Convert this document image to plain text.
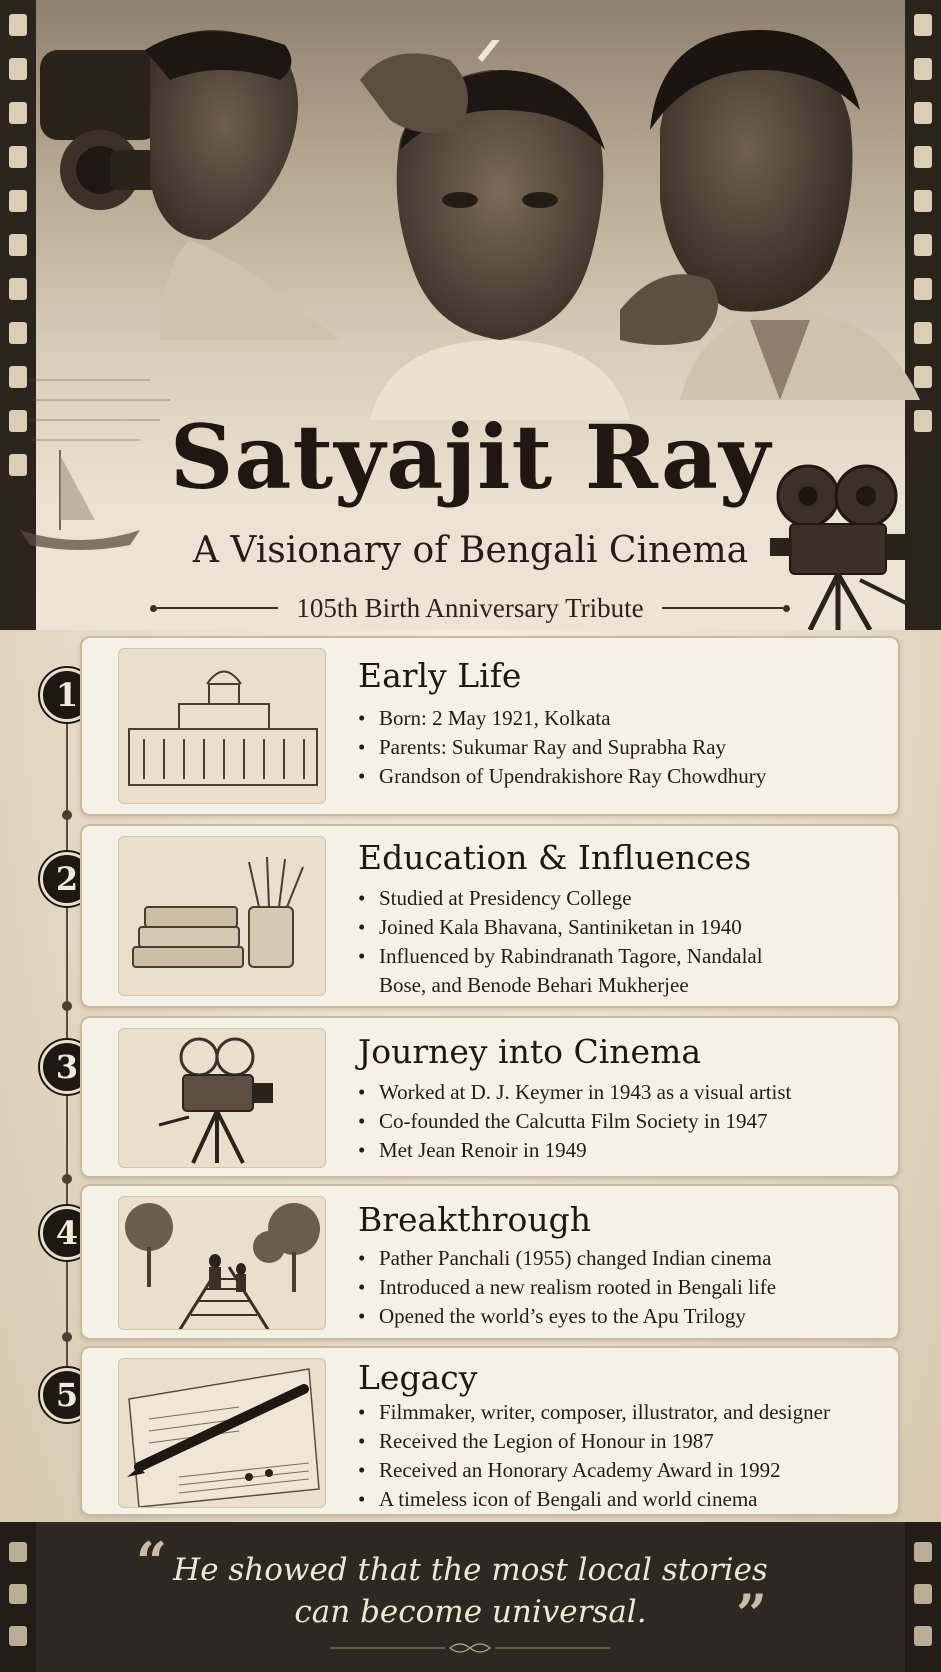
Satyajit Ray
A Visionary of Bengali Cinema
105th Birth Anniversary Tribute
1	Early Life
• Born: 2 May 1921, Kolkata
• Parents: Sukumar Ray and Suprabha Ray
• Grandson of Upendrakishore Ray Chowdhury
2
Education & Influences
• Studied at Presidency College
• Joined Kala Bhavana, Santiniketan in 1940
• Influenced by Rabindranath Tagore, Nandalal
Bose, and Benode Behari Mukherjee
3	Journey into Cinema
• Worked at D. J. Keymer in 1943 as a visual artist
• Co-founded the Calcutta Film Society in 1947
• Met Jean Renoir in 1949
4	Breakthrough
• Pather Panchali (1955) changed Indian cinema
• Introduced a new realism rooted in Bengali life
• Opened the world’s eyes to the Apu Trilogy
5	Legacy
• Filmmaker, writer, composer, illustrator, and designer
• Received the Legion of Honour in 1987
• Received an Honorary Academy Award in 1992
• A timeless icon of Bengali and world cinema
“ He showed that the most local stories
can become universal.	”
